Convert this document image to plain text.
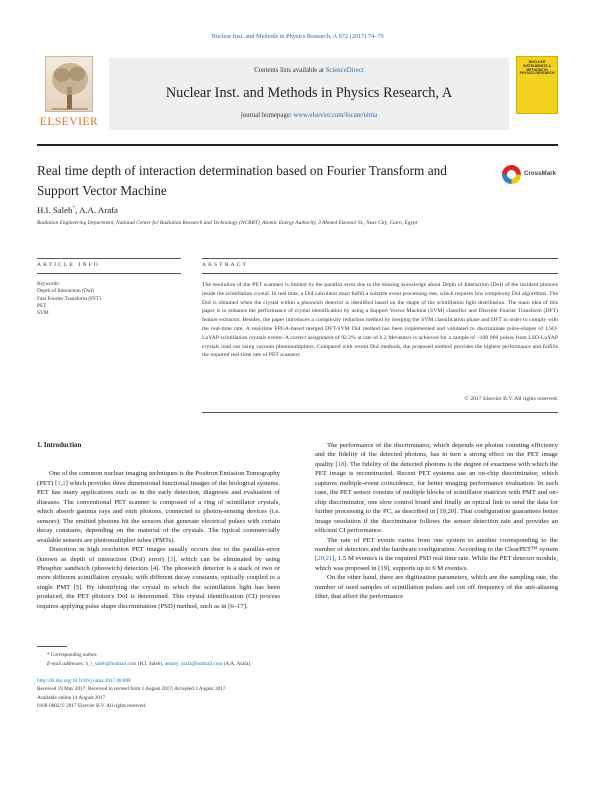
Nuclear Inst. and Methods in Physics Research, A 872 (2017) 74–79
ELSEVIER
Contents lists available at ScienceDirect
Nuclear Inst. and Methods in Physics Research, A
journal homepage: www.elsevier.com/locate/nima
NUCLEAR INSTRUMENTS & METHODS IN PHYSICS RESEARCH
Real time depth of interaction determination based on Fourier Transform and Support Vector Machine
CrossMark
H.I. Saleh*, A.A. Arafa
Radiation Engineering Department, National Center for Radiation Research and Technology (NCRRT), Atomic Energy Authority, 3 Ahmed Elzomor St., Nasr City, Cairo, Egypt
ARTICLE INFO	ABSTRACT
Keywords:
Depth of Interaction (DoI)
Fast Fourier Transform (FFT)
PET
SVM
The resolution of the PET scanners is limited by the parallax error due to the missing knowledge about Depth of Interaction (DoI) of the incident photons inside the scintillation crystal. In real time, a DoI calculator must fulfill a suitable event processing rate, which requires low complexity DoI algorithms. The DoI is obtained when the crystal within a phoswich detector is identified based on the shape of the scintillation light distribution. The main idea of this paper is to enhance the performance of crystal identification by using a Support Vector Machine (SVM) classifier and Discrete Fourier Transform (DFT) feature extractor. Besides, the paper introduces a complexity reduction method by merging the SVM classification phase and DFT in order to comply with the real-time rate. A real-time FPGA-based merged DFT-SVM DoI method has been implemented and validated to discriminate pulse-shapes of LSO-LuYAP scintillation crystals events. A correct assignment of 92.2% at rate of 6.2 Mevents/s is achieved for a sample of ~100 000 pulses from LSO-LuYAP crystals read out using vacuum photomultipliers. Compared with recent DoI methods, the proposed method provides the highest performance and fulfills the required real-time rate of PET scanners
© 2017 Elsevier B.V. All rights reserved.
1. Introduction

One of the common nuclear imaging techniques is the Positron Emission Tomography (PET) [1,2] which provides three dimensional functional images of the biological systems. PET has many applications such as in the early detection, diagnosis and evaluation of diseases. The conventional PET scanner is composed of a ring of scintillator crystals, which absorb gamma rays and emit photons, connected to photon-sensing devices (i.e. sensors). The emitted photons hit the sensors that generate electrical pulses with certain decay constants, depending on the material of the crystals. The typical commercially available sensors are photomultiplier tubes (PMTs).

Distortion in high resolution PET images usually occurs due to the parallax-error (known as depth of interaction (DoI) error) [3], which can be eliminated by using Phosphor sandwich (phoswich) detectors [4]. The phoswich detector is a stack of two or more different scintillation crystals; with different decay constants, optically coupled to a single PMT [5]. By identifying the crystal in which the scintillation light has been produced, the PET photon's DoI is determined. This crystal identification (CI) process requires applying pulse shape discrimination (PSD) method, such as in [6–17].

The performance of the discriminator, which depends on photon counting efficiency and the fidelity of the detected photons, has in turn a strong effect on the PET image quality [18]. The fidelity of the detected photons is the degree of exactness with which the PET image is reconstructed. Recent PET systems use an on-chip discriminator, which captures multiple-event coincidence, for better imaging performance evaluation. In such case, the PET sensor consists of multiple blocks of scintillator matrices with PMT and on-chip discriminator, one slow control board and finally an optical link to send the data for further processing to the PC, as described in [19,20]. That configuration guarantees better image resolution if the discriminator follows the sensor detection rate and provides an efficient CI performance.

The rate of PET events varies from one system to another corresponding to the number of detectors and the hardware configuration. According to the ClearPET™ system [20,21], 1.5 M events/s is the required PSD real time rate. While the PET detector module, which was proposed in [19], supports up to 6 M events/s.

On the other hand, there are digitization parameters, which are the sampling rate, the number of used samples of scintillation pulses and cut off frequency of the anti-aliasing filter, that affect the performance

* Corresponding author.
E-mail addresses: h_i_saleh@hotmail.com (H.I. Saleh), amany_arafa@hotmail.com (A.A. Arafa).
http://dx.doi.org/10.1016/j.nima.2017.08.008
Received 19 May 2017; Received in revised form 1 August 2017; Accepted 3 August 2017
Available online 14 August 2017
0168-9002/© 2017 Elsevier B.V. All rights reserved.
